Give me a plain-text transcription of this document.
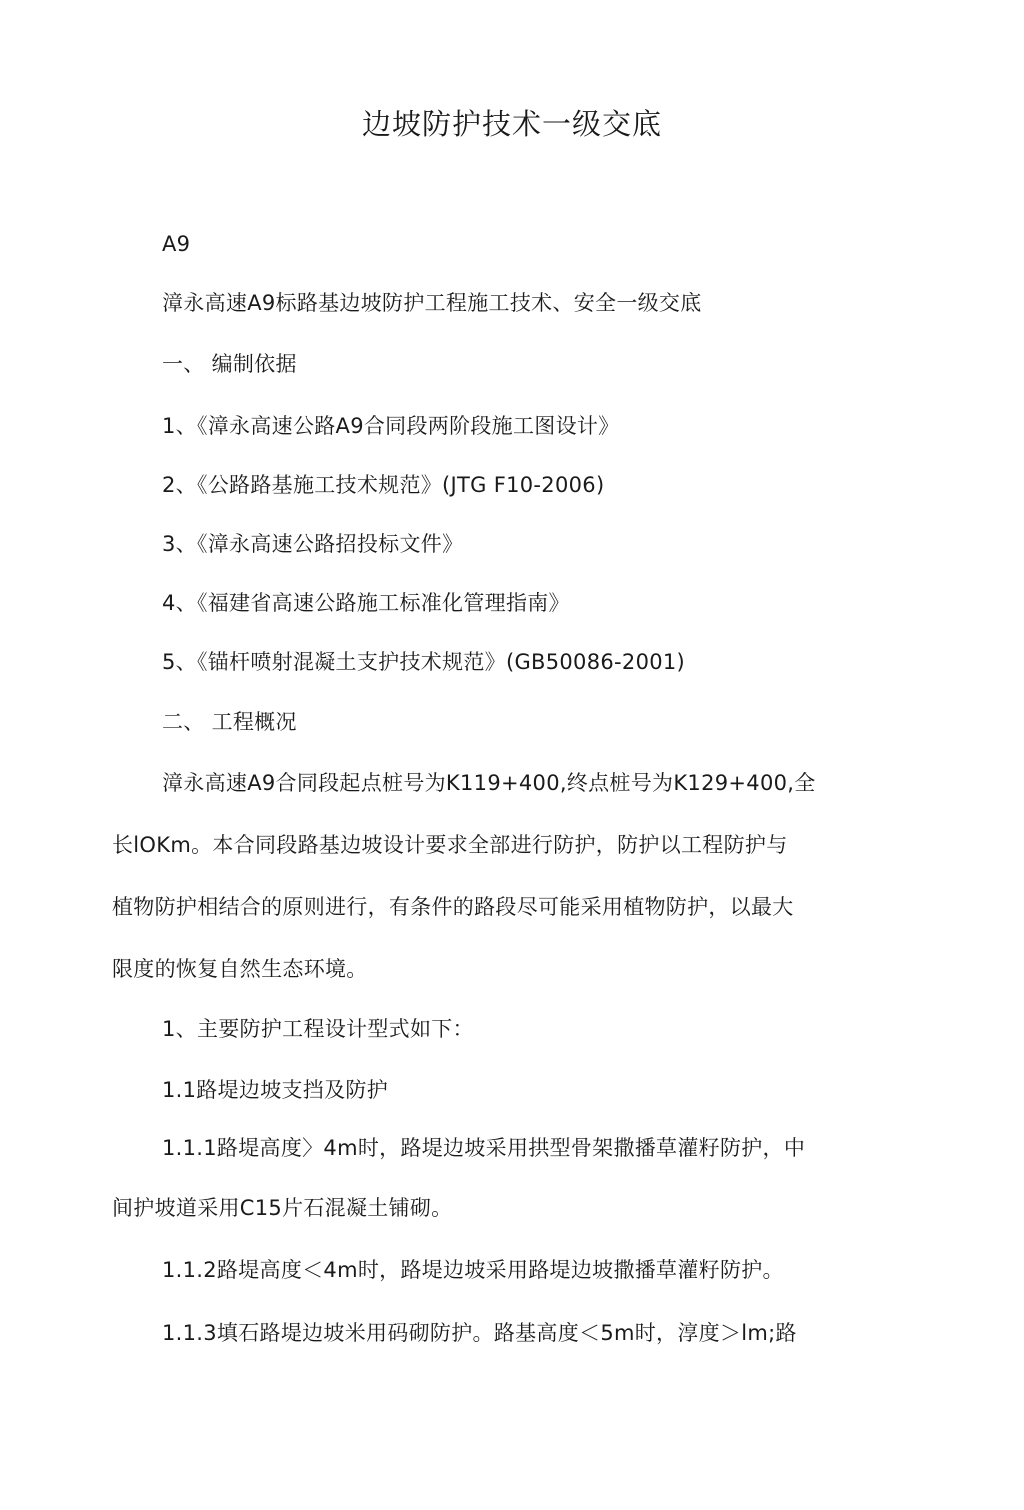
边坡防护技术一级交底
A9
漳永高速A9标路基边坡防护工程施工技术、安全一级交底
一、 编制依据
1、《漳永高速公路A9合同段两阶段施工图设计》
2、《公路路基施工技术规范》(JTG F10-2006)
3、《漳永高速公路招投标文件》
4、《福建省高速公路施工标准化管理指南》
5、《锚杆喷射混凝土支护技术规范》(GB50086-2001)
二、 工程概况
漳永高速A9合同段起点桩号为K119+400,终点桩号为K129+400,全
长lOKm。本合同段路基边坡设计要求全部进行防护，防护以工程防护与
植物防护相结合的原则进行，有条件的路段尽可能采用植物防护，以最大
限度的恢复自然生态环境。
1、主要防护工程设计型式如下：
1.1路堤边坡支挡及防护
1.1.1路堤高度〉4m时，路堤边坡采用拱型骨架撒播草灌籽防护，中
间护坡道采用C15片石混凝土铺砌。
1.1.2路堤高度＜4m时，路堤边坡采用路堤边坡撒播草灌籽防护。
1.1.3填石路堤边坡米用码砌防护。路基高度＜5m时，淳度＞lm;路
